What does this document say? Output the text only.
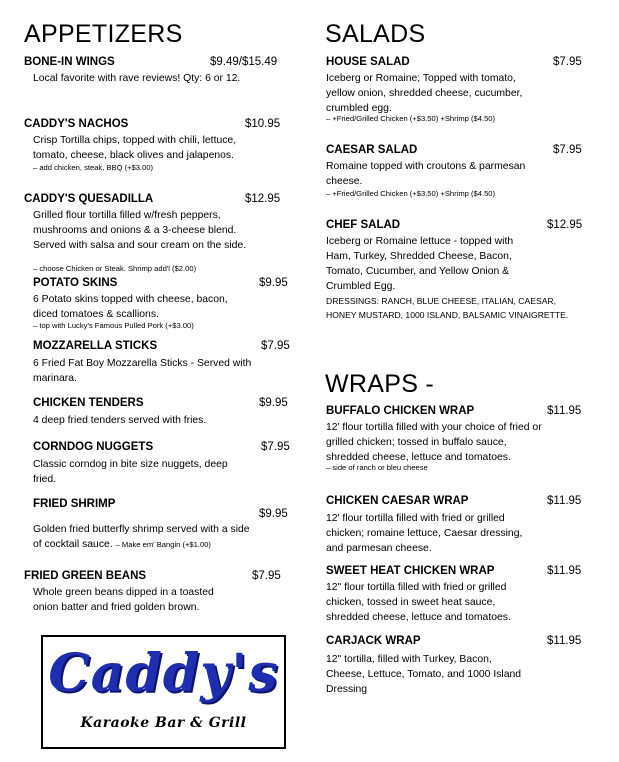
APPETIZERS
BONE-IN WINGS	$9.49/$15.49
Local favorite with rave reviews! Qty: 6 or 12.
CADDY'S NACHOS	$10.95
Crisp Tortilla chips, topped with chili, lettuce, tomato, cheese, black olives and jalapenos.
– add chicken, steak, BBQ (+$3.00)
CADDY'S QUESADILLA	$12.95
Grilled flour tortilla filled w/fresh peppers, mushrooms and onions & a 3-cheese blend. Served with salsa and sour cream on the side.
– choose Chicken or Steak. Shrimp add'l ($2.00)
POTATO SKINS	$9.95
6 Potato skins topped with cheese, bacon, diced tomatoes & scallions.
– top with Lucky's Famous Pulled Pork (+$3.00)
MOZZARELLA STICKS	$7.95
6 Fried Fat Boy Mozzarella Sticks - Served with marinara.
CHICKEN TENDERS	$9.95
4 deep fried tenders served with fries.
CORNDOG NUGGETS	$7.95
Classic corndog in bite size nuggets, deep fried.
FRIED SHRIMP
$9.95
Golden fried butterfly shrimp served with a side of cocktail sauce. – Make em' Bangin (+$1.00)
FRIED GREEN BEANS	$7.95
Whole green beans dipped in a toasted onion batter and fried golden brown.
Caddy's
Karaoke Bar & Grill
SALADS
HOUSE SALAD	$7.95
Iceberg or Romaine; Topped with tomato, yellow onion, shredded cheese, cucumber, crumbled egg.
– +Fried/Grilled Chicken (+$3.50) +Shrimp ($4.50)
CAESAR SALAD	$7.95
Romaine topped with croutons & parmesan cheese.
– +Fried/Grilled Chicken (+$3.50) +Shrimp ($4.50)
CHEF SALAD	$12.95
Iceberg or Romaine lettuce - topped with Ham, Turkey, Shredded Cheese, Bacon, Tomato, Cucumber, and Yellow Onion & Crumbled Egg.
DRESSINGS: RANCH, BLUE CHEESE, ITALIAN, CAESAR, HONEY MUSTARD, 1000 ISLAND, BALSAMIC VINAIGRETTE.
WRAPS -
BUFFALO CHICKEN WRAP	$11.95
12' flour tortilla filled with your choice of fried or grilled chicken; tossed in buffalo sauce, shredded cheese, lettuce and tomatoes.
– side of ranch or bleu cheese
CHICKEN CAESAR WRAP	$11.95
12' flour tortilla filled with fried or grilled chicken; romaine lettuce, Caesar dressing, and parmesan cheese.
SWEET HEAT CHICKEN WRAP	$11.95
12" flour tortilla filled with fried or grilled chicken, tossed in sweet heat sauce, shredded cheese, lettuce and tomatoes.
CARJACK WRAP	$11.95
12" tortilla, filled with Turkey, Bacon, Cheese, Lettuce, Tomato, and 1000 Island Dressing
